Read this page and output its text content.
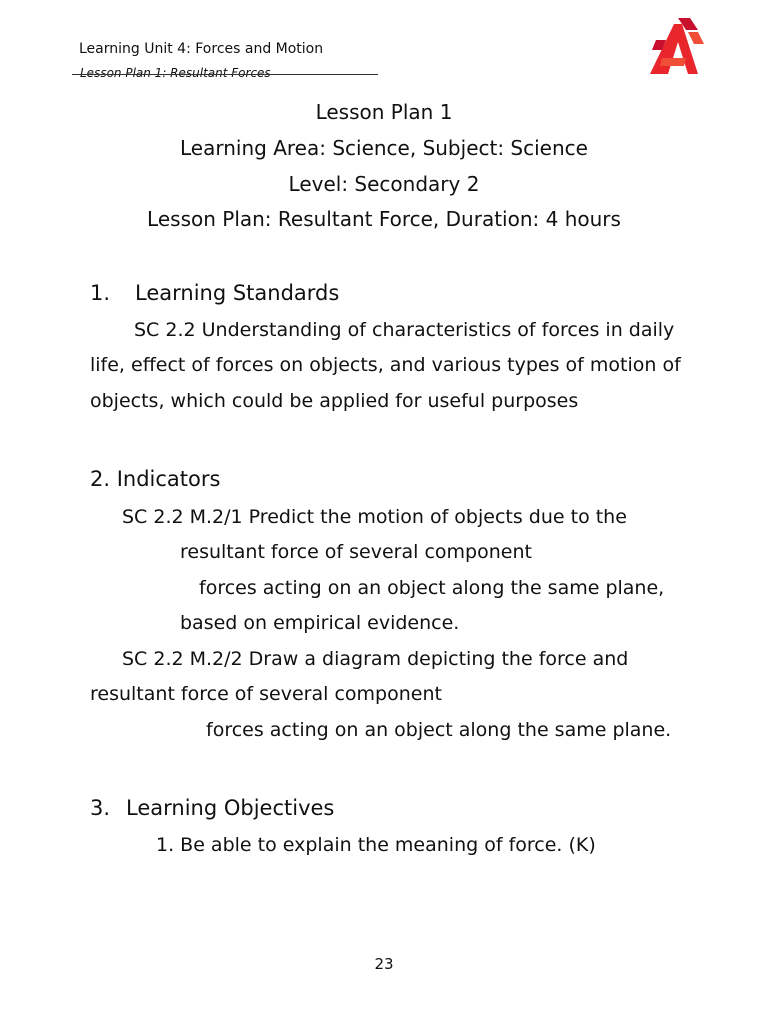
Learning Unit 4: Forces and Motion
Lesson Plan 1: Resultant Forces
Lesson Plan 1
Learning Area: Science, Subject: Science
Level: Secondary 2
Lesson Plan: Resultant Force, Duration: 4 hours
1. Learning Standards
SC 2.2 Understanding of characteristics of forces in daily
life, effect of forces on objects, and various types of motion of
objects, which could be applied for useful purposes
2. Indicators
SC 2.2 M.2/1 Predict the motion of objects due to the
resultant force of several component
forces acting on an object along the same plane,
based on empirical evidence.
SC 2.2 M.2/2 Draw a diagram depicting the force and
resultant force of several component
forces acting on an object along the same plane.
3. Learning Objectives
1. Be able to explain the meaning of force. (K)
23
